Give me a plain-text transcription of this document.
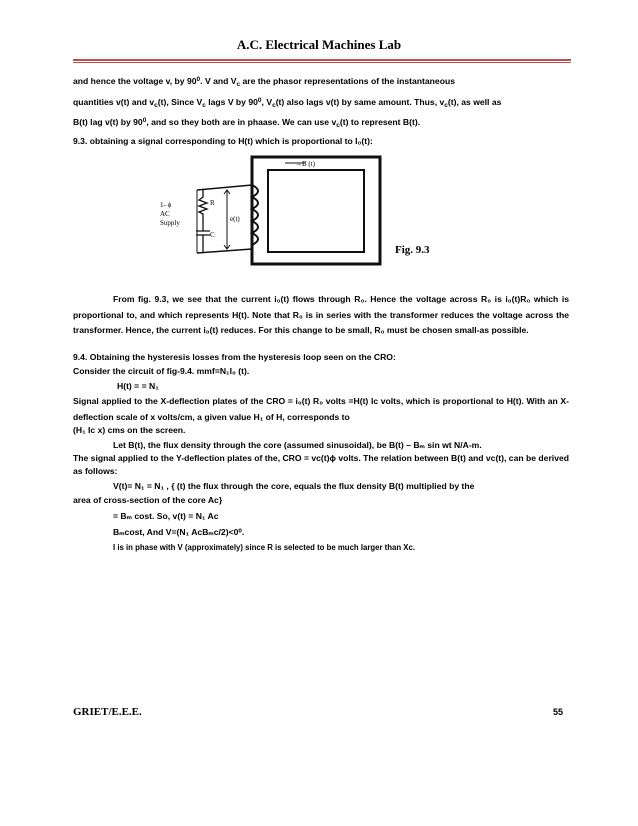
A.C. Electrical Machines Lab
and hence the voltage v, by $90^0$. V and $V_c$ are the phasor representations of the instantaneous
quantities v(t) and $v_c(t)$, Since $V_c$ lags V by $90^0$, $V_c(t)$ also lags v(t) by same amount. Thus, $v_c(t)$, as well as
B(t) lag v(t) by $90^0$, and so they both are in phaase. We can use $v_c(t)$ to represent B(t).
9.3. obtaining a signal corresponding to H(t) which is proportional to I₀(t):
1- ϕ
AC
Supply
R
C
e(t)
→B (t)
Fig. 9.3
From fig. 9.3, we see that the current i₀(t) flows through R₀. Hence the voltage across R₀ is i₀(t)R₀ which is proportional to, and which represents H(t). Note that R₀ is in series with the transformer reduces the voltage across the transformer. Hence, the current i₀(t) reduces. For this change to be small, R₀ must be chosen small-as possible.
9.4. Obtaining the hysteresis losses from the hysteresis loop seen on the CRO:
Consider the circuit of fig-9.4. mmf=N₁I₀ (t).
H(t) = = N₁
Signal applied to the X-deflection plates of the CRO = i₀(t) R₀ volts =H(t) Iᴄ volts, which is proportional to H(t). With an X-deflection scale of x volts/cm, a given value H₁ of H, corresponds to
(H₁ Iᴄ x) cms on the screen.
Let B(t), the flux density through the core (assumed sinusoidal), be B(t) – Bₘ sin wt N/A-m.
The signal applied to the Y-deflection plates of the, CRO = vᴄ(t)ϕ volts. The relation between B(t) and vᴄ(t), can be derived as follows:
V(t)= N₁ = N₁ , { (t) the flux through the core, equals the flux density B(t) multiplied by the
area of cross-section of the core Aᴄ}
= Bₘ cost. So, v(t) = N₁ Aᴄ
Bₘcost, And V=(N₁ AᴄBₘc/2)<0⁰.
I is in phase with V (approximately) since R is selected to be much larger than Xᴄ.
GRIET/E.E.E.	55
